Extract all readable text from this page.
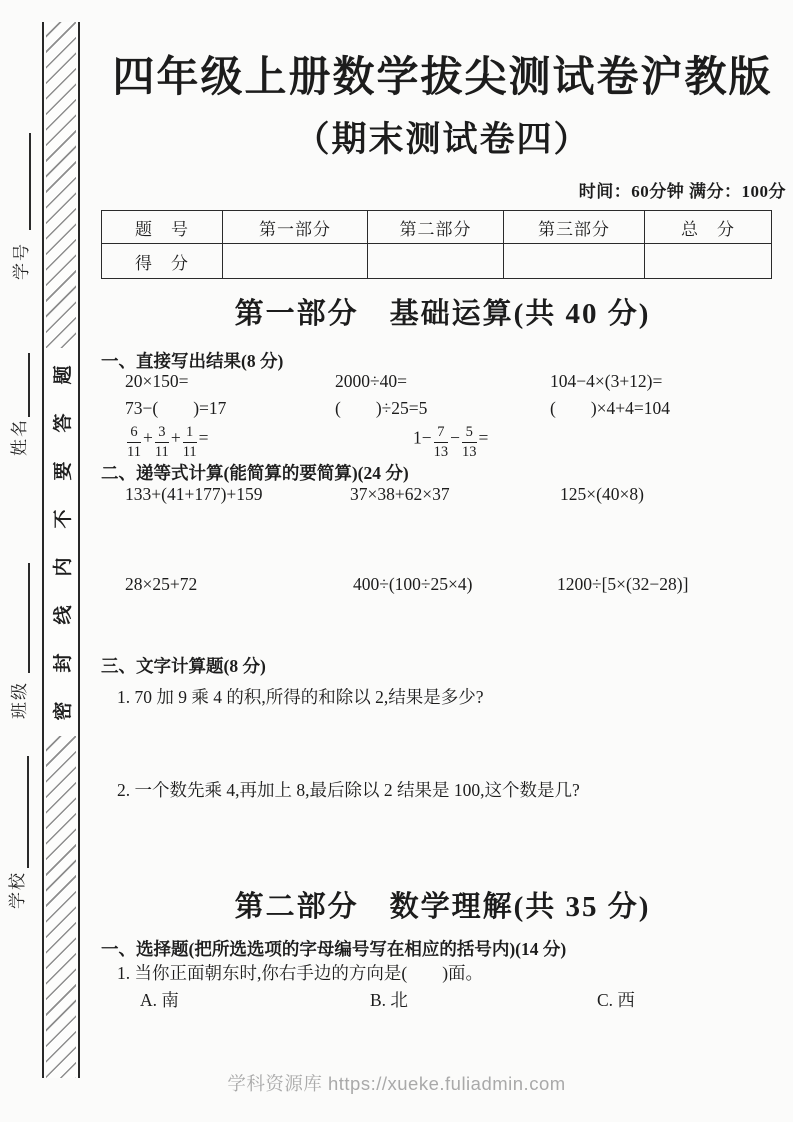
学号
姓名
班级
学校
题
答
要
不
内
线
封
密
四年级上册数学拔尖测试卷沪教版
（期末测试卷四）
时间：60分钟 满分：100分
题　号	第一部分	第二部分	第三部分	总　分
得　分				
第一部分　基础运算(共 40 分)
一、直接写出结果(8 分)
20×150=	2000÷40=	104−4×(3+12)=
73−(　　)=17	(　　)÷25=5	(　　)×4+4=104
$\frac{6}{11} + \frac{3}{11} + \frac{1}{11}$ =	$1- \frac{7}{13} - \frac{5}{13}$ =
二、递等式计算(能简算的要简算)(24 分)
133+(41+177)+159	37×38+62×37	125×(40×8)
28×25+72	400÷(100÷25×4)	1200÷[5×(32−28)]
三、文字计算题(8 分)
1. 70 加 9 乘 4 的积,所得的和除以 2,结果是多少?
2. 一个数先乘 4,再加上 8,最后除以 2 结果是 100,这个数是几?
第二部分　数学理解(共 35 分)
一、选择题(把所选选项的字母编号写在相应的括号内)(14 分)
1. 当你正面朝东时,你右手边的方向是(　　)面。
A. 南	B. 北	C. 西
学科资源库 https://xueke.fuliadmin.com
